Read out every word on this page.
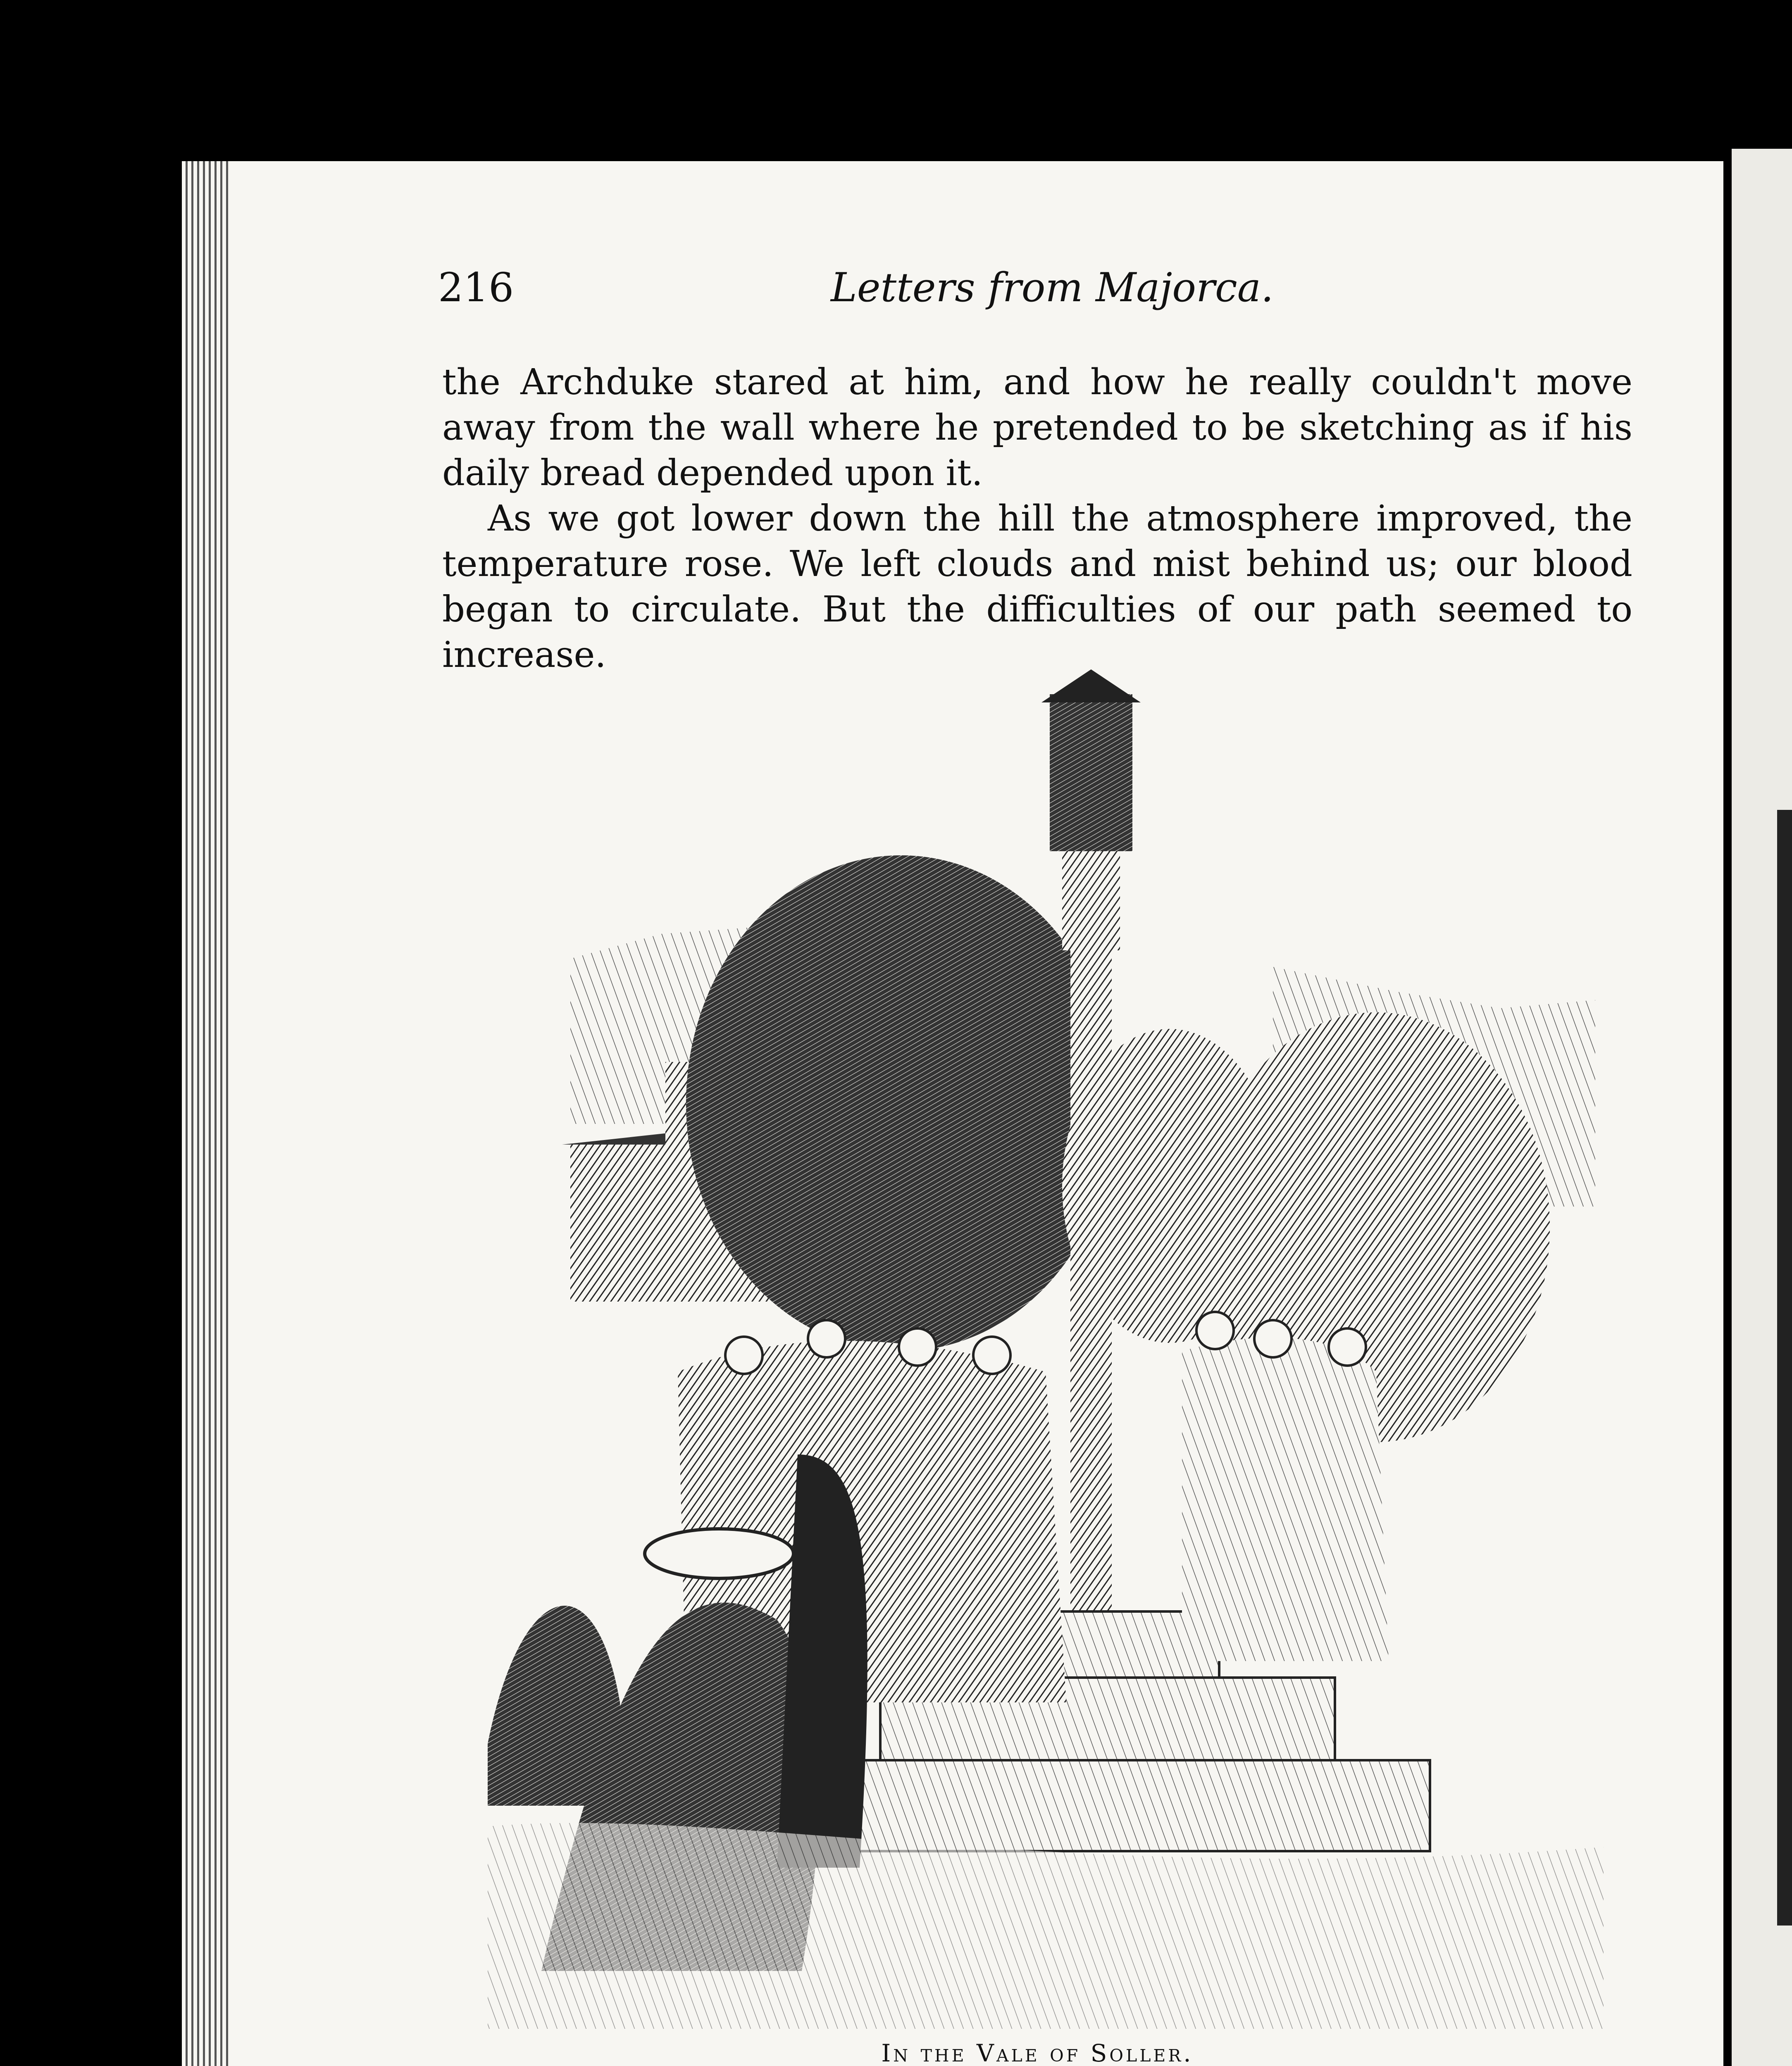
216	Letters from Majorca.

the Archduke stared at him, and how he really couldn't move away from the wall where he pretended to be sketching as if his daily bread depended upon it.

As we got lower down the hill the atmosphere improved, the temperature rose. We left clouds and mist behind us; our blood began to circulate. But the difficulties of our path seemed to increase.

In the Vale of Soller.
